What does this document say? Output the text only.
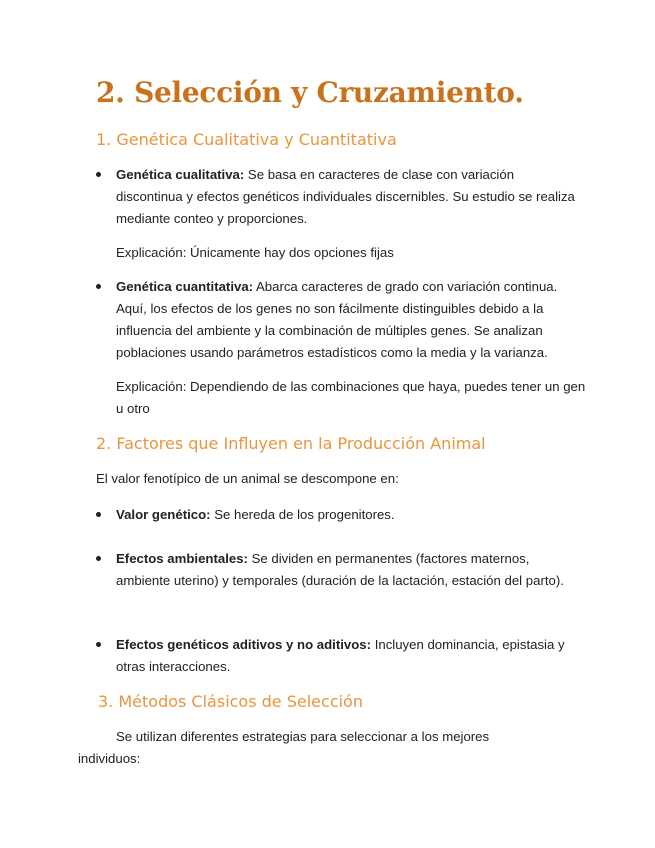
2. Selección y Cruzamiento.
1. Genética Cualitativa y Cuantitativa
Genética cualitativa: Se basa en caracteres de clase con variación discontinua y efectos genéticos individuales discernibles. Su estudio se realiza mediante conteo y proporciones.

Explicación: Únicamente hay dos opciones fijas

Genética cuantitativa: Abarca caracteres de grado con variación continua. Aquí, los efectos de los genes no son fácilmente distinguibles debido a la influencia del ambiente y la combinación de múltiples genes. Se analizan poblaciones usando parámetros estadísticos como la media y la varianza.

Explicación: Dependiendo de las combinaciones que haya, puedes tener un gen u otro

2. Factores que Influyen en la Producción Animal

El valor fenotípico de un animal se descompone en:

Valor genético: Se hereda de los progenitores.
Efectos ambientales: Se dividen en permanentes (factores maternos, ambiente uterino) y temporales (duración de la lactación, estación del parto).
Efectos genéticos aditivos y no aditivos: Incluyen dominancia, epistasia y otras interacciones.
3. Métodos Clásicos de Selección

Se utilizan diferentes estrategias para seleccionar a los mejores individuos:
